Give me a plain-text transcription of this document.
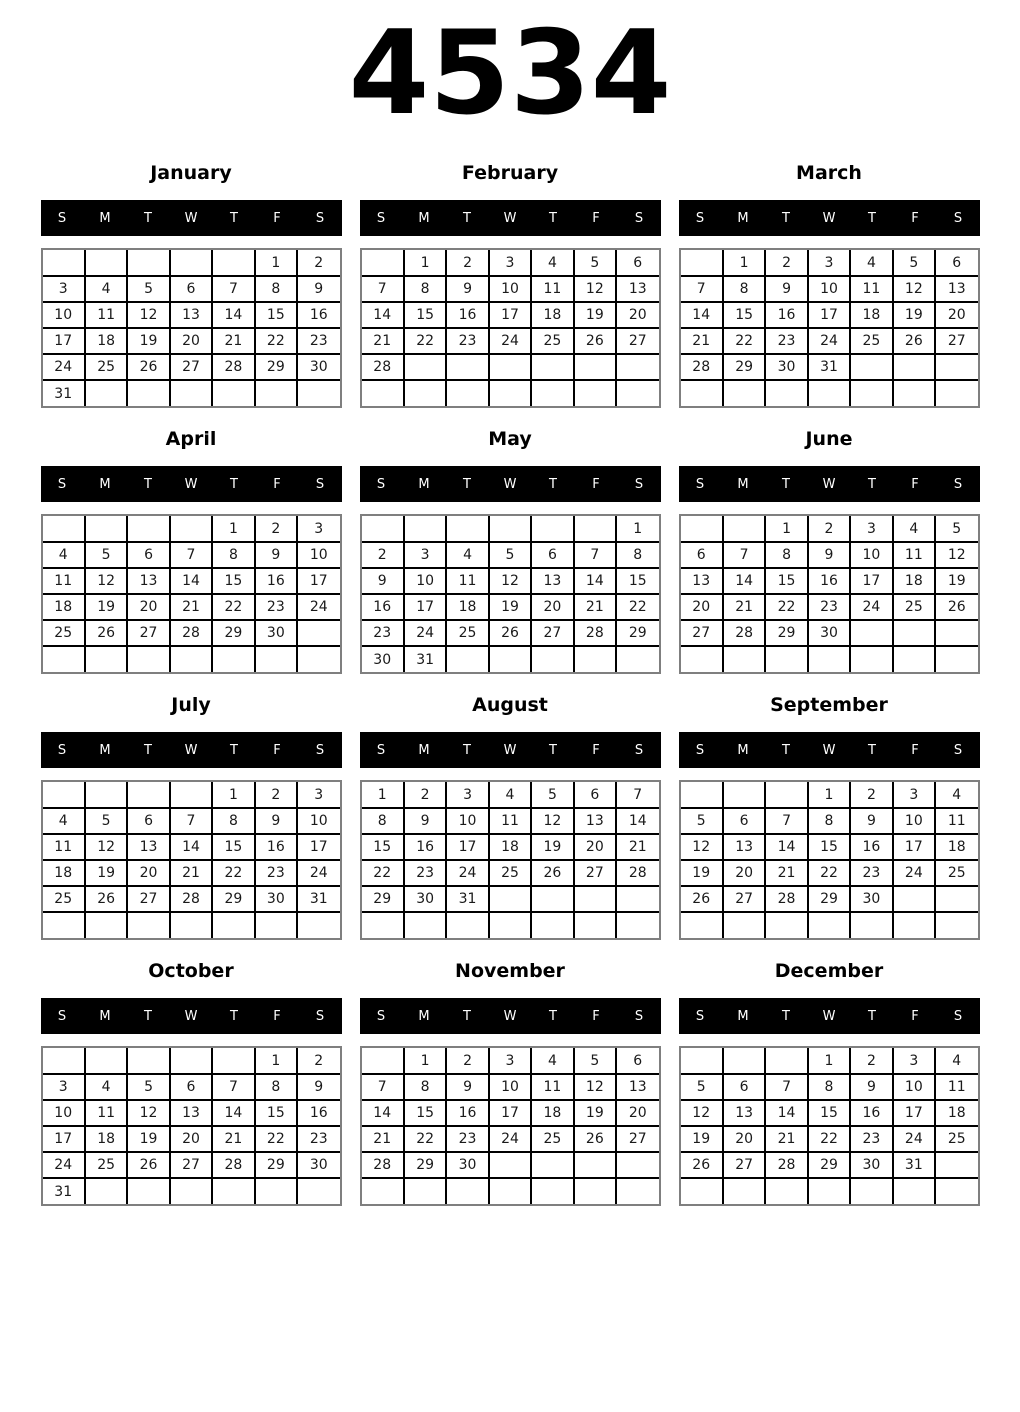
4534
January
S	M	T	W	T	F	S
					1	2
3	4	5	6	7	8	9
10	11	12	13	14	15	16
17	18	19	20	21	22	23
24	25	26	27	28	29	30
31						
February
S	M	T	W	T	F	S
	1	2	3	4	5	6
7	8	9	10	11	12	13
14	15	16	17	18	19	20
21	22	23	24	25	26	27
28						

March
S	M	T	W	T	F	S
	1	2	3	4	5	6
7	8	9	10	11	12	13
14	15	16	17	18	19	20
21	22	23	24	25	26	27
28	29	30	31			

April
S	M	T	W	T	F	S
				1	2	3
4	5	6	7	8	9	10
11	12	13	14	15	16	17
18	19	20	21	22	23	24
25	26	27	28	29	30	

May
S	M	T	W	T	F	S
						1
2	3	4	5	6	7	8
9	10	11	12	13	14	15
16	17	18	19	20	21	22
23	24	25	26	27	28	29
30	31					
June
S	M	T	W	T	F	S
		1	2	3	4	5
6	7	8	9	10	11	12
13	14	15	16	17	18	19
20	21	22	23	24	25	26
27	28	29	30			

July
S	M	T	W	T	F	S
				1	2	3
4	5	6	7	8	9	10
11	12	13	14	15	16	17
18	19	20	21	22	23	24
25	26	27	28	29	30	31

August
S	M	T	W	T	F	S
1	2	3	4	5	6	7
8	9	10	11	12	13	14
15	16	17	18	19	20	21
22	23	24	25	26	27	28
29	30	31				

September
S	M	T	W	T	F	S
			1	2	3	4
5	6	7	8	9	10	11
12	13	14	15	16	17	18
19	20	21	22	23	24	25
26	27	28	29	30		

October
S	M	T	W	T	F	S
					1	2
3	4	5	6	7	8	9
10	11	12	13	14	15	16
17	18	19	20	21	22	23
24	25	26	27	28	29	30
31						
November
S	M	T	W	T	F	S
	1	2	3	4	5	6
7	8	9	10	11	12	13
14	15	16	17	18	19	20
21	22	23	24	25	26	27
28	29	30				

December
S	M	T	W	T	F	S
			1	2	3	4
5	6	7	8	9	10	11
12	13	14	15	16	17	18
19	20	21	22	23	24	25
26	27	28	29	30	31	
